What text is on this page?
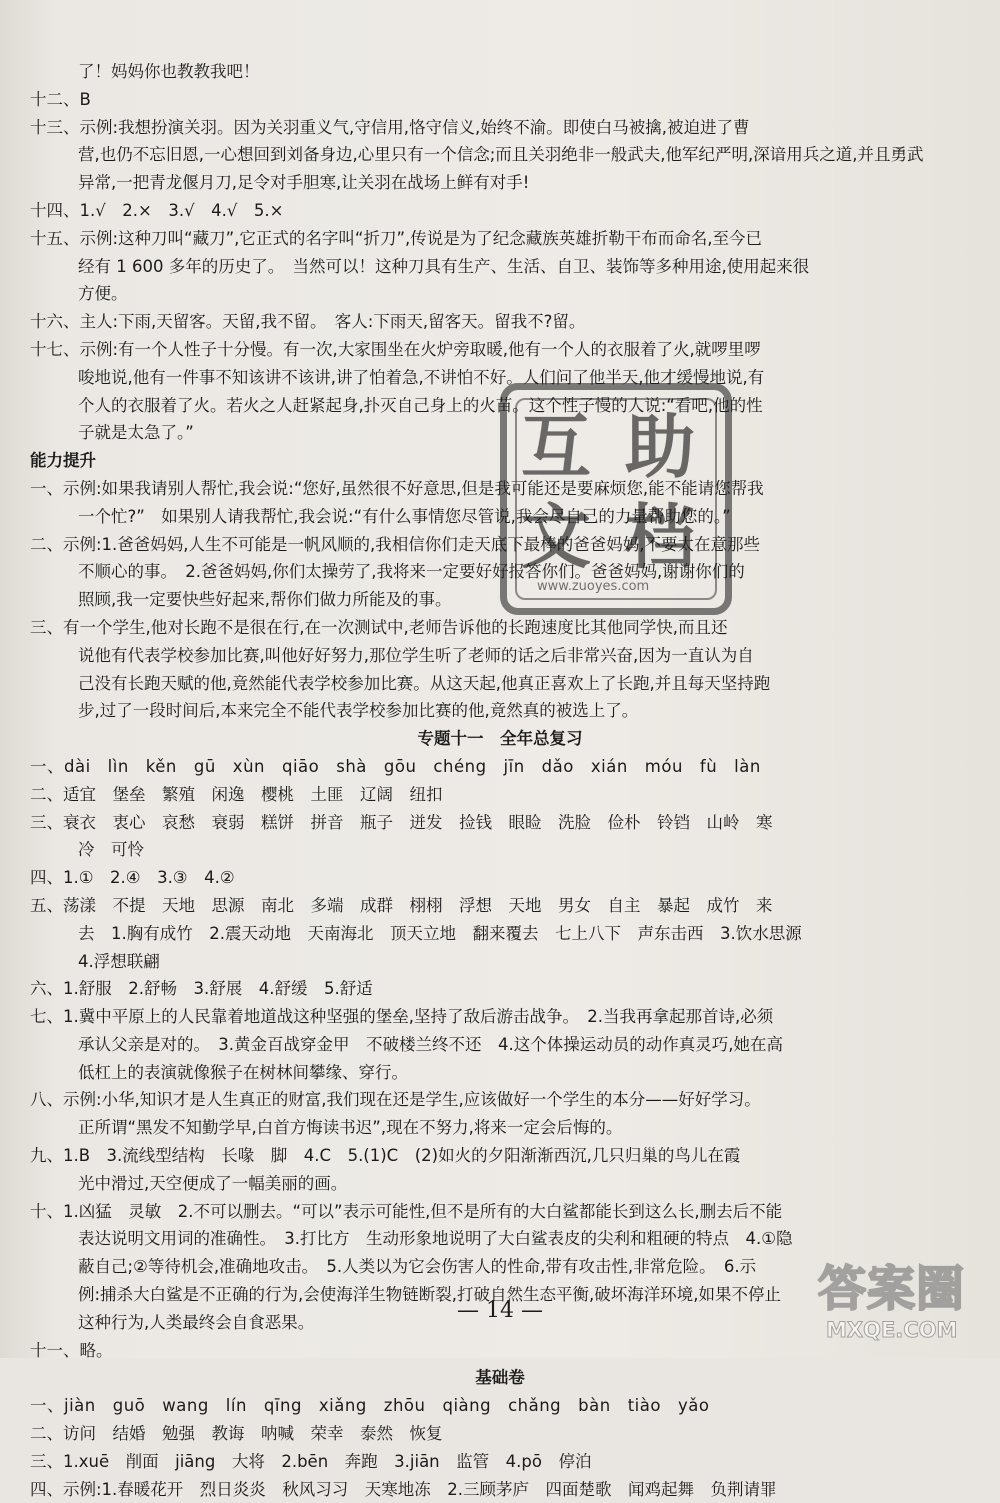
了！妈妈你也教教我吧！
十二、B
十三、示例:我想扮演关羽。因为关羽重义气,守信用,恪守信义,始终不渝。即使白马被擒,被迫进了曹
营,也仍不忘旧恩,一心想回到刘备身边,心里只有一个信念;而且关羽绝非一般武夫,他军纪严明,深谙用兵之道,并且勇武
异常,一把青龙偃月刀,足令对手胆寒,让关羽在战场上鲜有对手!
十四、1.√　2.×　3.√　4.√　5.×
十五、示例:这种刀叫“藏刀”,它正式的名字叫“折刀”,传说是为了纪念藏族英雄折勒干布而命名,至今已
经有 1 600 多年的历史了。　当然可以！这种刀具有生产、生活、自卫、装饰等多种用途,使用起来很
方便。
十六、主人:下雨,天留客。天留,我不留。　客人:下雨天,留客天。留我不?留。
十七、示例:有一个人性子十分慢。有一次,大家围坐在火炉旁取暖,他有一个人的衣服着了火,就啰里啰
唆地说,他有一件事不知该讲不该讲,讲了怕着急,不讲怕不好。人们问了他半天,他才缓慢地说,有
个人的衣服着了火。若火之人赶紧起身,扑灭自己身上的火苗。这个性子慢的人说:“看吧,他的性
子就是太急了。”
能力提升
一、示例:如果我请别人帮忙,我会说:“您好,虽然很不好意思,但是我可能还是要麻烦您,能不能请您帮我
一个忙?”　如果别人请我帮忙,我会说:“有什么事情您尽管说,我会尽自己的力量帮助您的。”
二、示例:1.爸爸妈妈,人生不可能是一帆风顺的,我相信你们走天底下最棒的爸爸妈妈,不要太在意那些
不顺心的事。　2.爸爸妈妈,你们太操劳了,我将来一定要好好报答你们。爸爸妈妈,谢谢你们的
照顾,我一定要快些好起来,帮你们做力所能及的事。
三、有一个学生,他对长跑不是很在行,在一次测试中,老师告诉他的长跑速度比其他同学快,而且还
说他有代表学校参加比赛,叫他好好努力,那位学生听了老师的话之后非常兴奋,因为一直认为自
己没有长跑天赋的他,竟然能代表学校参加比赛。从这天起,他真正喜欢上了长跑,并且每天坚持跑
步,过了一段时间后,本来完全不能代表学校参加比赛的他,竟然真的被选上了。
专题十一　全年总复习
一、dài　lìn　kěn　gū　xùn　qiāo　shà　gōu　chéng　jīn　dǎo　xián　móu　fù　làn
二、适宜　堡垒　繁殖　闲逸　樱桃　土匪　辽阔　纽扣
三、衰衣　衷心　哀愁　衰弱　糕饼　拼音　瓶子　迸发　捡钱　眼睑　洗脸　俭朴　铃铛　山岭　寒
冷　可怜
四、1.①　2.④　3.③　4.②
五、荡漾　不提　天地　思源　南北　多端　成群　栩栩　浮想　天地　男女　自主　暴起　成竹　来
去　1.胸有成竹　2.震天动地　天南海北　顶天立地　翻来覆去　七上八下　声东击西　3.饮水思源
4.浮想联翩
六、1.舒服　2.舒畅　3.舒展　4.舒缓　5.舒适
七、1.冀中平原上的人民靠着地道战这种坚强的堡垒,坚持了敌后游击战争。　2.当我再拿起那首诗,必须
承认父亲是对的。　3.黄金百战穿金甲　不破楼兰终不还　4.这个体操运动员的动作真灵巧,她在高
低杠上的表演就像猴子在树林间攀缘、穿行。
八、示例:小华,知识才是人生真正的财富,我们现在还是学生,应该做好一个学生的本分——好好学习。
正所谓“黑发不知勤学早,白首方悔读书迟”,现在不努力,将来一定会后悔的。
九、1.B　3.流线型结构　长喙　脚　4.C　5.(1)C　(2)如火的夕阳渐渐西沉,几只归巢的鸟儿在霞
光中滑过,天空便成了一幅美丽的画。
十、1.凶猛　灵敏　2.不可以删去。“可以”表示可能性,但不是所有的大白鲨都能长到这么长,删去后不能
表达说明文用词的准确性。　3.打比方　生动形象地说明了大白鲨表皮的尖利和粗硬的特点　4.①隐
蔽自己;②等待机会,准确地攻击。　5.人类以为它会伤害人的性命,带有攻击性,非常危险。　6.示
例:捕杀大白鲨是不正确的行为,会使海洋生物链断裂,打破自然生态平衡,破坏海洋环境,如果不停止
这种行为,人类最终会自食恶果。
十一、略。
基础卷
一、jiàn　guō　wang　lín　qīng　xiǎng　zhōu　qiàng　chǎng　bàn　tiào　yǎo
二、访问　结婚　勉强　教诲　呐喊　荣幸　泰然　恢复
三、1.xuē　削面　jiāng　大将　2.bēn　奔跑　3.jiān　监管　4.pō　停泊
四、示例:1.春暖花开　烈日炎炎　秋风习习　天寒地冻　2.三顾茅庐　四面楚歌　闻鸡起舞　负荆请罪
互 助
文 档
www.zuoyes.com
— 14 —	答案圈
MXQE.COM
